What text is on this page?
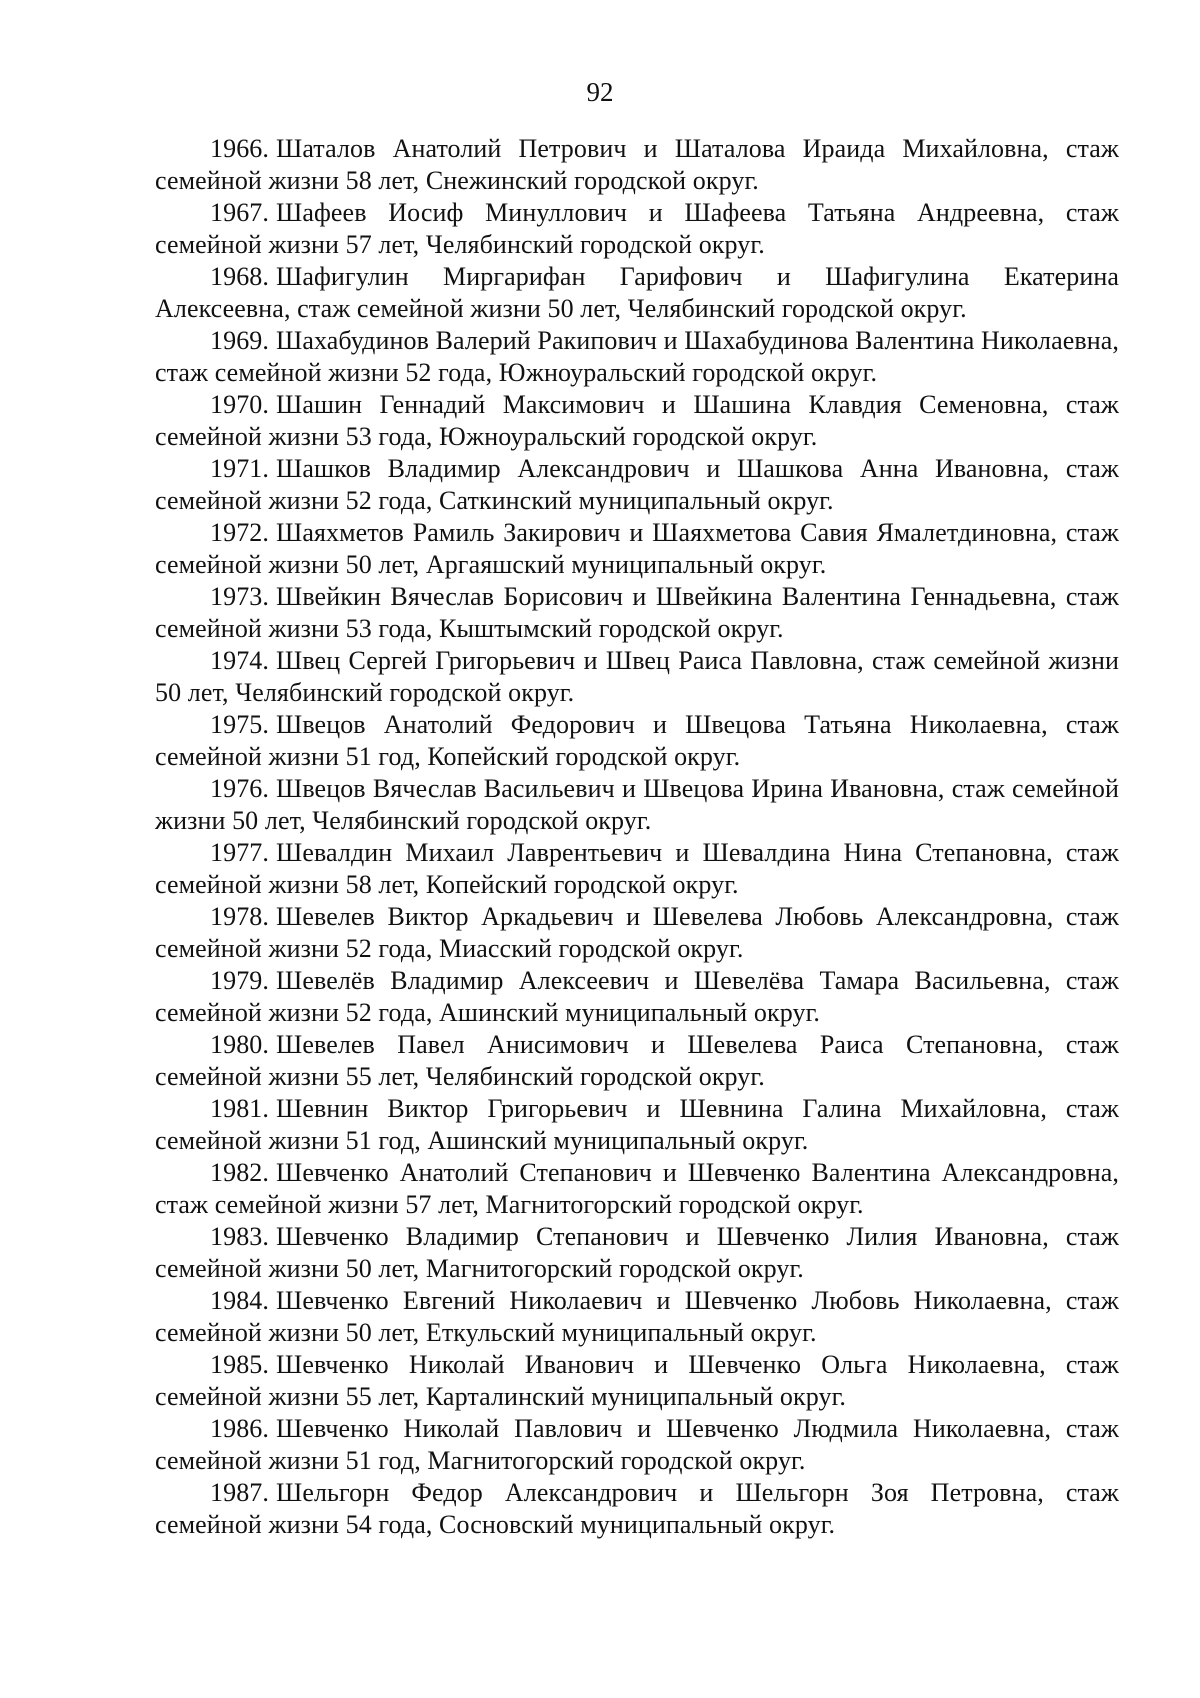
92
1966. Шаталов Анатолий Петрович и Шаталова Ираида Михайловна, стаж семейной жизни 58 лет, Снежинский городской округ.
1967. Шафеев Иосиф Минуллович и Шафеева Татьяна Андреевна, стаж семейной жизни 57 лет, Челябинский городской округ.
1968. Шафигулин Миргарифан Гарифович и Шафигулина Екатерина Алексеевна, стаж семейной жизни 50 лет, Челябинский городской округ.
1969. Шахабудинов Валерий Ракипович и Шахабудинова Валентина Николаевна, стаж семейной жизни 52 года, Южноуральский городской округ.
1970. Шашин Геннадий Максимович и Шашина Клавдия Семеновна, стаж семейной жизни 53 года, Южноуральский городской округ.
1971. Шашков Владимир Александрович и Шашкова Анна Ивановна, стаж семейной жизни 52 года, Саткинский муниципальный округ.
1972. Шаяхметов Рамиль Закирович и Шаяхметова Савия Ямалетдиновна, стаж семейной жизни 50 лет, Аргаяшский муниципальный округ.
1973. Швейкин Вячеслав Борисович и Швейкина Валентина Геннадьевна, стаж семейной жизни 53 года, Кыштымский городской округ.
1974. Швец Сергей Григорьевич и Швец Раиса Павловна, стаж семейной жизни 50 лет, Челябинский городской округ.
1975. Швецов Анатолий Федорович и Швецова Татьяна Николаевна, стаж семейной жизни 51 год, Копейский городской округ.
1976. Швецов Вячеслав Васильевич и Швецова Ирина Ивановна, стаж семейной жизни 50 лет, Челябинский городской округ.
1977. Шевалдин Михаил Лаврентьевич и Шевалдина Нина Степановна, стаж семейной жизни 58 лет, Копейский городской округ.
1978. Шевелев Виктор Аркадьевич и Шевелева Любовь Александровна, стаж семейной жизни 52 года, Миасский городской округ.
1979. Шевелёв Владимир Алексеевич и Шевелёва Тамара Васильевна, стаж семейной жизни 52 года, Ашинский муниципальный округ.
1980. Шевелев Павел Анисимович и Шевелева Раиса Степановна, стаж семейной жизни 55 лет, Челябинский городской округ.
1981. Шевнин Виктор Григорьевич и Шевнина Галина Михайловна, стаж семейной жизни 51 год, Ашинский муниципальный округ.
1982. Шевченко Анатолий Степанович и Шевченко Валентина Александровна, стаж семейной жизни 57 лет, Магнитогорский городской округ.
1983. Шевченко Владимир Степанович и Шевченко Лилия Ивановна, стаж семейной жизни 50 лет, Магнитогорский городской округ.
1984. Шевченко Евгений Николаевич и Шевченко Любовь Николаевна, стаж семейной жизни 50 лет, Еткульский муниципальный округ.
1985. Шевченко Николай Иванович и Шевченко Ольга Николаевна, стаж семейной жизни 55 лет, Карталинский муниципальный округ.
1986. Шевченко Николай Павлович и Шевченко Людмила Николаевна, стаж семейной жизни 51 год, Магнитогорский городской округ.
1987. Шельгорн Федор Александрович и Шельгорн Зоя Петровна, стаж семейной жизни 54 года, Сосновский муниципальный округ.
